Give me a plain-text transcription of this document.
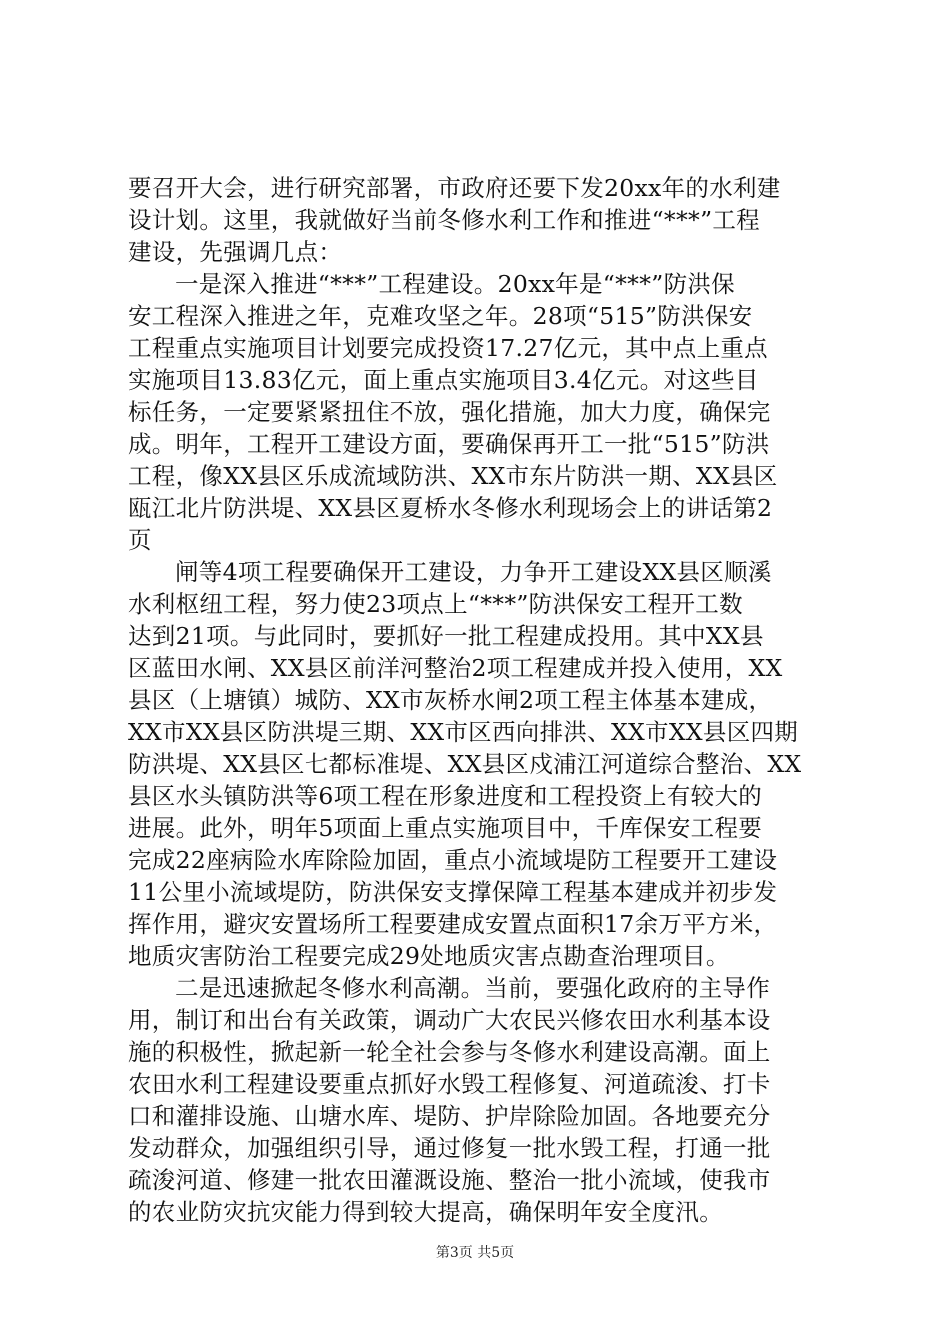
要召开大会，进行研究部署，市政府还要下发20xx年的水利建
设计划。这里，我就做好当前冬修水利工作和推进“***”工程
建设，先强调几点：
一是深入推进“***”工程建设。20xx年是“***”防洪保
安工程深入推进之年，克难攻坚之年。28项“515”防洪保安
工程重点实施项目计划要完成投资17.27亿元，其中点上重点
实施项目13.83亿元，面上重点实施项目3.4亿元。对这些目
标任务，一定要紧紧扭住不放，强化措施，加大力度，确保完
成。明年，工程开工建设方面，要确保再开工一批“515”防洪
工程，像XX县区乐成流域防洪、XX市东片防洪一期、XX县区
瓯江北片防洪堤、XX县区夏桥水冬修水利现场会上的讲话第2
页
闸等4项工程要确保开工建设，力争开工建设XX县区顺溪
水利枢纽工程，努力使23项点上“***”防洪保安工程开工数
达到21项。与此同时，要抓好一批工程建成投用。其中XX县
区蓝田水闸、XX县区前洋河整治2项工程建成并投入使用，XX
县区（上塘镇）城防、XX市灰桥水闸2项工程主体基本建成，
XX市XX县区防洪堤三期、XX市区西向排洪、XX市XX县区四期
防洪堤、XX县区七都标准堤、XX县区戍浦江河道综合整治、XX
县区水头镇防洪等6项工程在形象进度和工程投资上有较大的
进展。此外，明年5项面上重点实施项目中，千库保安工程要
完成22座病险水库除险加固，重点小流域堤防工程要开工建设
11公里小流域堤防，防洪保安支撑保障工程基本建成并初步发
挥作用，避灾安置场所工程要建成安置点面积17余万平方米，
地质灾害防治工程要完成29处地质灾害点勘查治理项目。
二是迅速掀起冬修水利高潮。当前，要强化政府的主导作
用，制订和出台有关政策，调动广大农民兴修农田水利基本设
施的积极性，掀起新一轮全社会参与冬修水利建设高潮。面上
农田水利工程建设要重点抓好水毁工程修复、河道疏浚、打卡
口和灌排设施、山塘水库、堤防、护岸除险加固。各地要充分
发动群众，加强组织引导，通过修复一批水毁工程，打通一批
疏浚河道、修建一批农田灌溉设施、整治一批小流域，使我市
的农业防灾抗灾能力得到较大提高，确保明年安全度汛。
第3页 共5页
